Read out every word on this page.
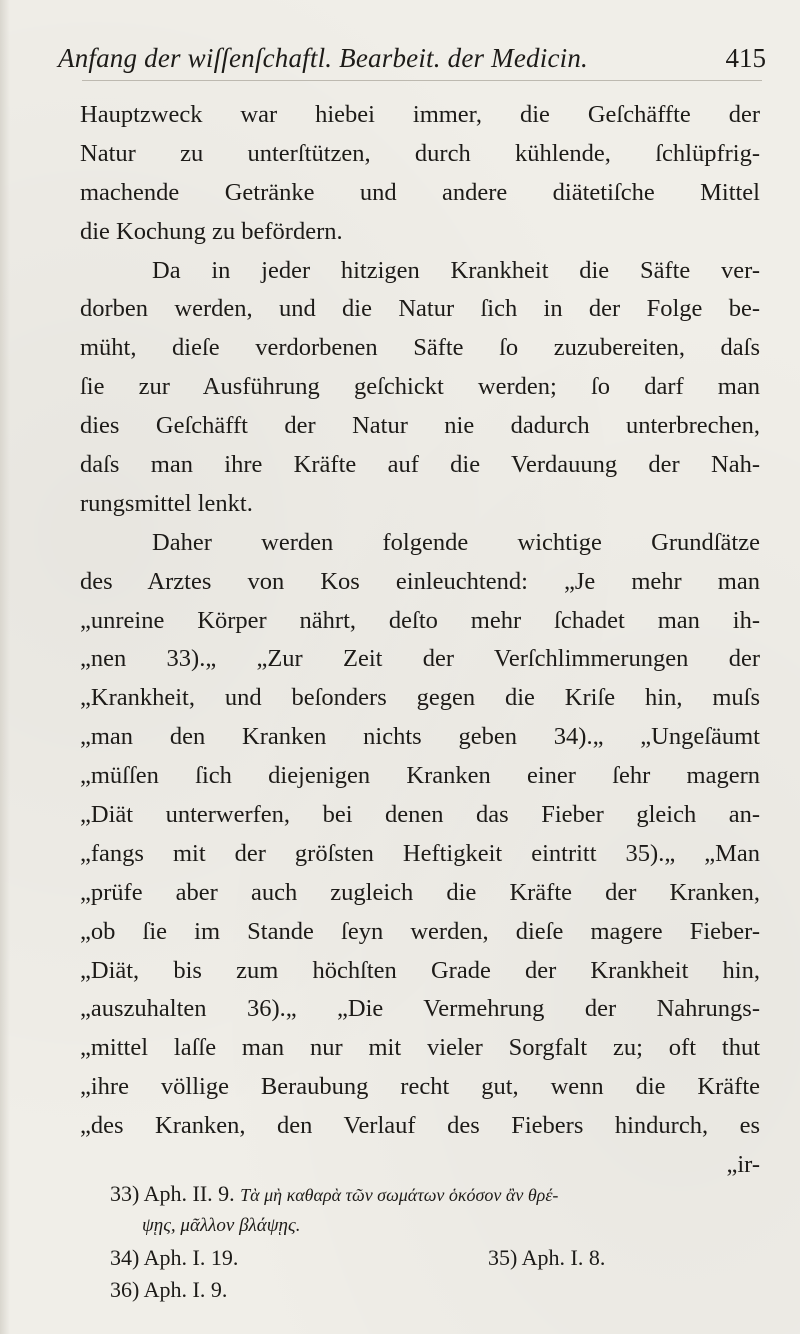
Anfang der wiſſenſchaftl. Bearbeit. der Medicin.	415
Hauptzweck war hiebei immer, die Geſchäffte der
Natur zu unterſtützen, durch kühlende, ſchlüpfrig-
machende Getränke und andere diätetiſche Mittel
die Kochung zu befördern.
Da in jeder hitzigen Krankheit die Säfte ver-
dorben werden, und die Natur ſich in der Folge be-
müht, dieſe verdorbenen Säfte ſo zuzubereiten, daſs
ſie zur Ausführung geſchickt werden; ſo darf man
dies Geſchäfft der Natur nie dadurch unterbrechen,
daſs man ihre Kräfte auf die Verdauung der Nah-
rungsmittel lenkt.
Daher werden folgende wichtige Grundſätze
des Arztes von Kos einleuchtend: „Je mehr man
„unreine Körper nährt, deſto mehr ſchadet man ih-
„nen 33).„ „Zur Zeit der Verſchlimmerungen der
„Krankheit, und beſonders gegen die Kriſe hin, muſs
„man den Kranken nichts geben 34).„ „Ungeſäumt
„müſſen ſich diejenigen Kranken einer ſehr magern
„Diät unterwerfen, bei denen das Fieber gleich an-
„fangs mit der gröſsten Heftigkeit eintritt 35).„ „Man
„prüfe aber auch zugleich die Kräfte der Kranken,
„ob ſie im Stande ſeyn werden, dieſe magere Fieber-
„Diät, bis zum höchſten Grade der Krankheit hin,
„auszuhalten 36).„ „Die Vermehrung der Nahrungs-
„mittel laſſe man nur mit vieler Sorgfalt zu; oft thut
„ihre völlige Beraubung recht gut, wenn die Kräfte
„des Kranken, den Verlauf des Fiebers hindurch, es
„ir-
33) Aph. II. 9. Τὰ μὴ καθαρὰ τῶν σωμάτων ὁκόσον ἂν θρέ-
ψῃς, μᾶλλον βλάψῃς.
34) Aph. I. 19.	35) Aph. I. 8.
36) Aph. I. 9.
